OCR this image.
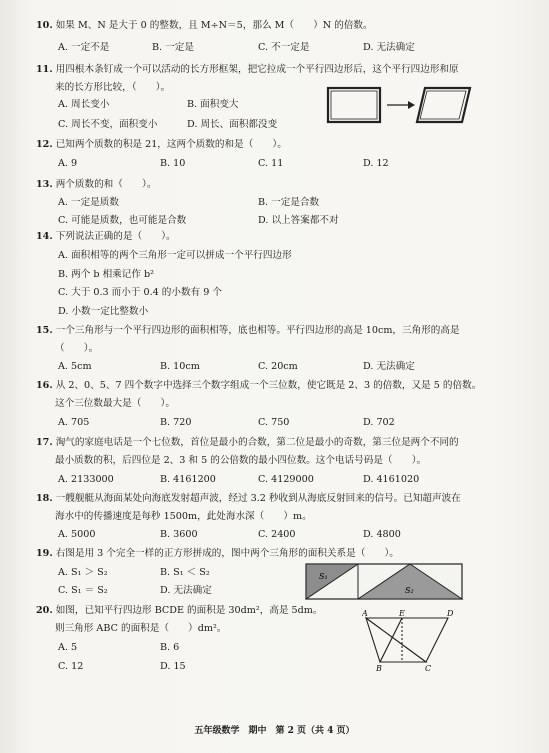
10. 如果 M、N 是大于 0 的整数，且 M÷N＝5，那么 M（　　）N 的倍数。
A. 一定不是	B. 一定是	C. 不一定是	D. 无法确定
11. 用四根木条钉成一个可以活动的长方形框架，把它拉成一个平行四边形后，这个平行四边形和原
来的长方形比较，（　　）。
A. 周长变小	B. 面积变大
C. 周长不变，面积变小	D. 周长、面积都没变
12. 已知两个质数的积是 21，这两个质数的和是（　　）。
A. 9	B. 10	C. 11	D. 12
13. 两个质数的和（　　）。
A. 一定是质数	B. 一定是合数
C. 可能是质数，也可能是合数	D. 以上答案都不对
14. 下列说法正确的是（　　）。
A. 面积相等的两个三角形一定可以拼成一个平行四边形
B. 两个 b 相乘记作 b²
C. 大于 0.3 而小于 0.4 的小数有 9 个
D. 小数一定比整数小
15. 一个三角形与一个平行四边形的面积相等，底也相等。平行四边形的高是 10cm，三角形的高是
（　　）。
A. 5cm	B. 10cm	C. 20cm	D. 无法确定
16. 从 2、0、5、7 四个数字中选择三个数字组成一个三位数，使它既是 2、3 的倍数，又是 5 的倍数。
这个三位数最大是（　　）。
A. 705	B. 720	C. 750	D. 702
17. 淘气的家庭电话是一个七位数，首位是最小的合数，第二位是最小的奇数，第三位是两个不同的
最小质数的积，后四位是 2、3 和 5 的公倍数的最小四位数。这个电话号码是（　　）。
A. 2133000	B. 4161200	C. 4129000	D. 4161020
18. 一艘舰艇从海面某处向海底发射超声波，经过 3.2 秒收到从海底反射回来的信号。已知超声波在
海水中的传播速度是每秒 1500m，此处海水深（　　）m。
A. 5000	B. 3600	C. 2400	D. 4800
19. 右图是用 3 个完全一样的正方形拼成的，图中两个三角形的面积关系是（　　）。
A. S₁ ＞ S₂	B. S₁ ＜ S₂
C. S₁ ＝ S₂	D. 无法确定
S₁
S₂
20. 如图，已知平行四边形 BCDE 的面积是 30dm²，高是 5dm。
则三角形 ABC 的面积是（　　）dm²。
A. 5	B. 6
C. 12	D. 15
A	E	D
B	C
五年级数学　期中　第 2 页（共 4 页）
